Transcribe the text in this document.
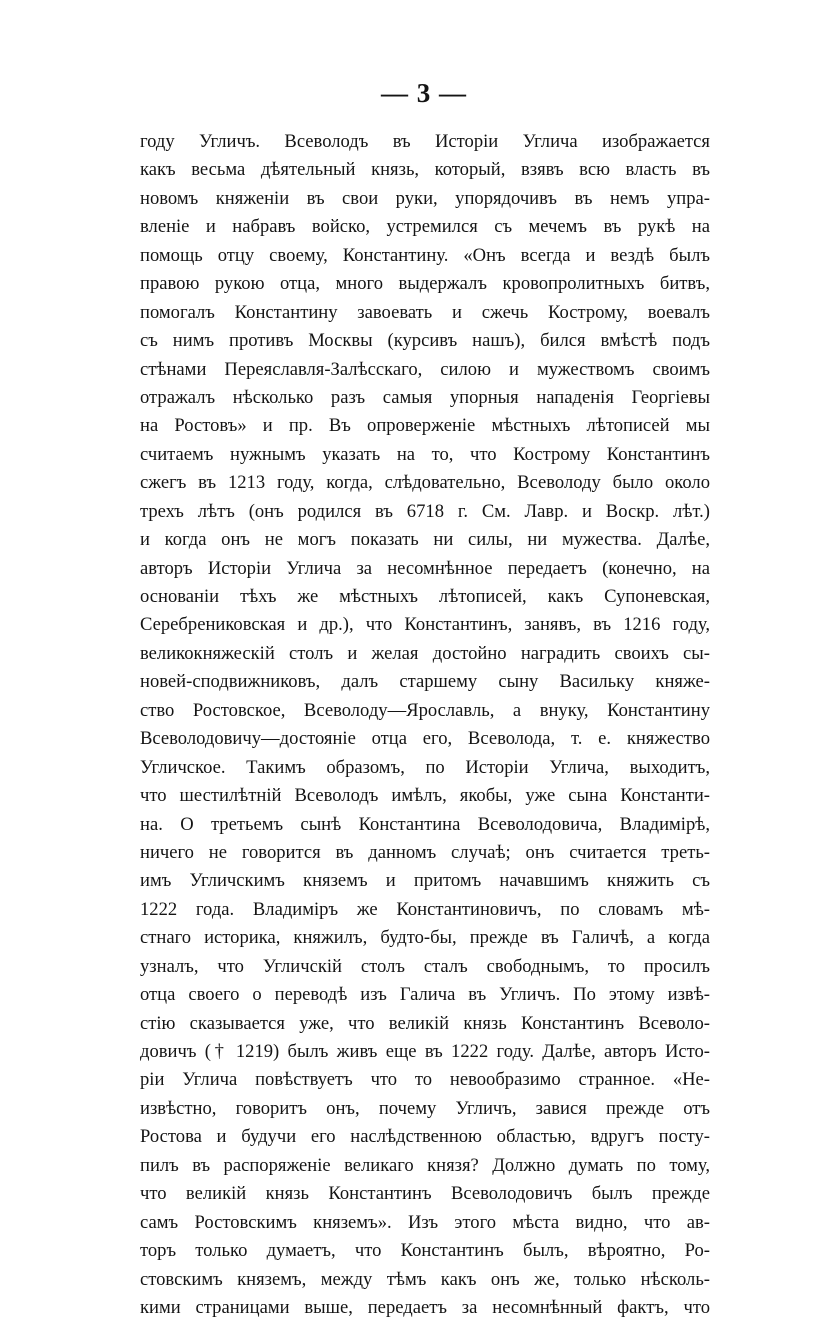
— 3 —
году Угличъ. Всеволодъ въ Исторіи Углича изображается
какъ весьма дѣятельный князь, который, взявъ всю власть въ
новомъ княженіи въ свои руки, упорядочивъ въ немъ упра-
вленіе и набравъ войско, устремился съ мечемъ въ рукѣ на
помощь отцу своему, Константину. «Онъ всегда и вездѣ былъ
правою рукою отца, много выдержалъ кровопролитныхъ битвъ,
помогалъ Константину завоевать и сжечь Кострому, воевалъ
съ нимъ противъ Москвы (курсивъ нашъ), бился вмѣстѣ подъ
стѣнами Переяславля-Залѣсскаго, силою и мужествомъ своимъ
отражалъ нѣсколько разъ самыя упорныя нападенія Георгіевы
на Ростовъ» и пр. Въ опроверженіе мѣстныхъ лѣтописей мы
считаемъ нужнымъ указать на то, что Кострому Константинъ
сжегъ въ 1213 году, когда, слѣдовательно, Всеволоду было около
трехъ лѣтъ (онъ родился въ 6718 г. См. Лавр. и Воскр. лѣт.)
и когда онъ не могъ показать ни силы, ни мужества. Далѣе,
авторъ Исторіи Углича за несомнѣнное передаетъ (конечно, на
основаніи тѣхъ же мѣстныхъ лѣтописей, какъ Супоневская,
Серебрениковская и др.), что Константинъ, занявъ, въ 1216 году,
великокняжескій столъ и желая достойно наградить своихъ сы-
новей-сподвижниковъ, далъ старшему сыну Васильку княже-
ство Ростовское, Всеволоду—Ярославль, а внуку, Константину
Всеволодовичу—достояніе отца его, Всеволода, т. е. княжество
Угличское. Такимъ образомъ, по Исторіи Углича, выходитъ,
что шестилѣтній Всеволодъ имѣлъ, якобы, уже сына Константи-
на. О третьемъ сынѣ Константина Всеволодовича, Владимірѣ,
ничего не говорится въ данномъ случаѣ; онъ считается треть-
имъ Угличскимъ княземъ и притомъ начавшимъ княжить съ
1222 года. Владиміръ же Константиновичъ, по словамъ мѣ-
стнаго историка, княжилъ, будто-бы, прежде въ Галичѣ, а когда
узналъ, что Угличскій столъ сталъ свободнымъ, то просилъ
отца своего о переводѣ изъ Галича въ Угличъ. По этому извѣ-
стію сказывается уже, что великій князь Константинъ Всеволо-
довичъ († 1219) былъ живъ еще въ 1222 году. Далѣе, авторъ Исто-
ріи Углича повѣствуетъ что то невообразимо странное. «Не-
извѣстно, говоритъ онъ, почему Угличъ, завися прежде отъ
Ростова и будучи его наслѣдственною областью, вдругъ посту-
пилъ въ распоряженіе великаго князя? Должно думать по тому,
что великій князь Константинъ Всеволодовичъ былъ прежде
самъ Ростовскимъ княземъ». Изъ этого мѣста видно, что ав-
торъ только думаетъ, что Константинъ былъ, вѣроятно, Ро-
стовскимъ княземъ, между тѣмъ какъ онъ же, только нѣсколь-
кими страницами выше, передаетъ за несомнѣнный фактъ, что
